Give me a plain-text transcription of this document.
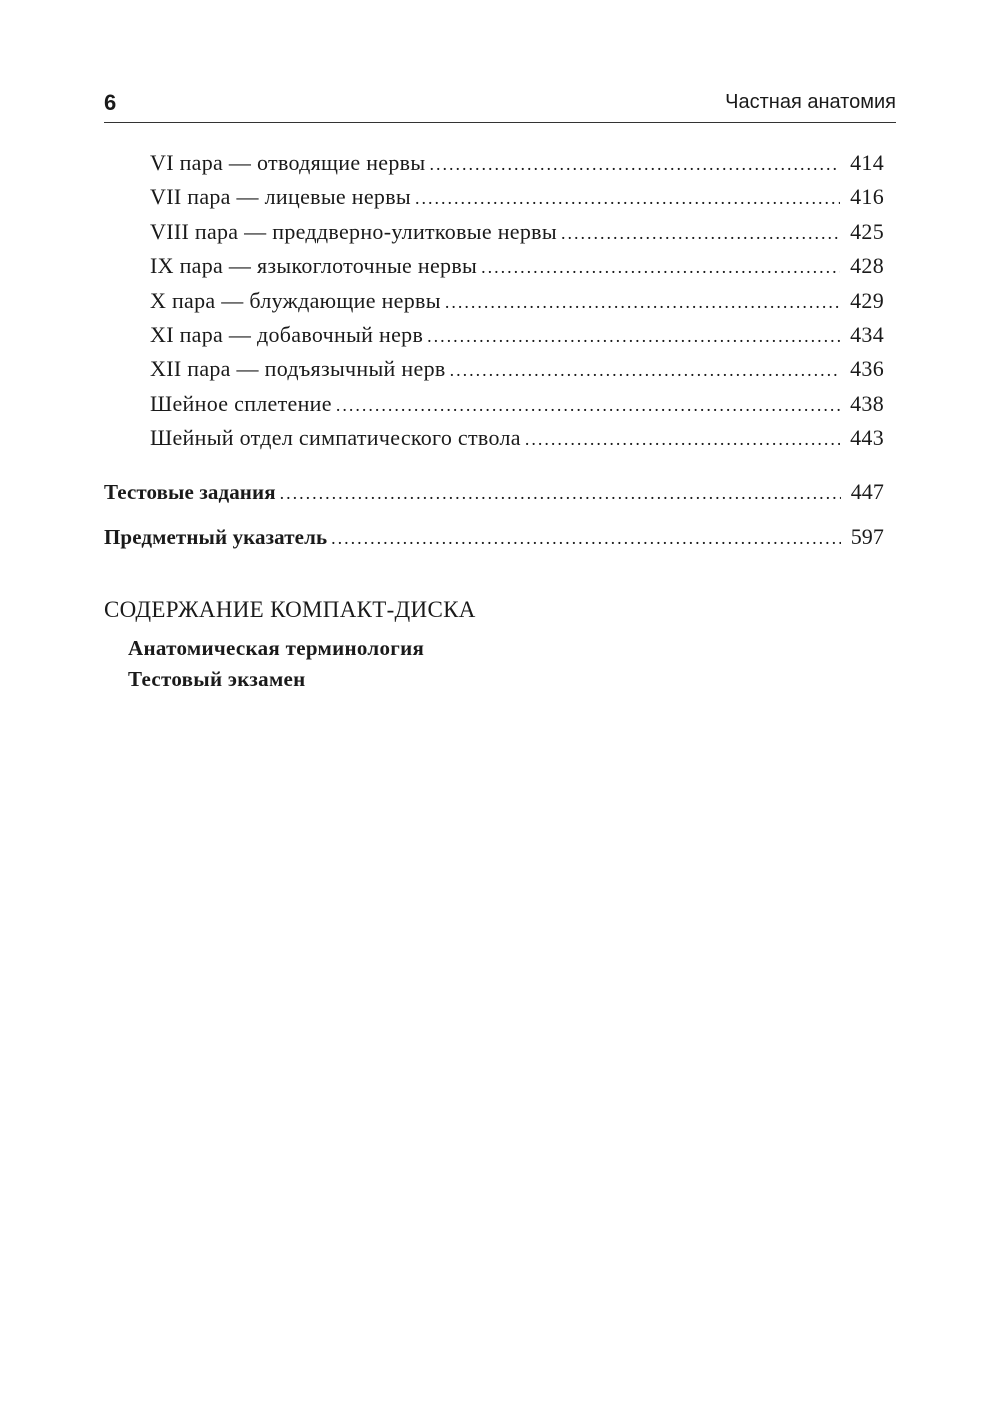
6	Частная анатомия
VI пара — отводящие нервы .....	414
VII пара — лицевые нервы .....	416
VIII пара — преддверно-улитковые нервы .....	425
IX пара — языкоглоточные нервы .....	428
X пара — блуждающие нервы .....	429
XI пара — добавочный нерв .....	434
XII пара — подъязычный нерв .....	436
Шейное сплетение .....	438
Шейный отдел симпатического ствола .....	443
Тестовые задания .....	447
Предметный указатель .....	597
СОДЕРЖАНИЕ КОМПАКТ-ДИСКА
Анатомическая терминология
Тестовый экзамен
